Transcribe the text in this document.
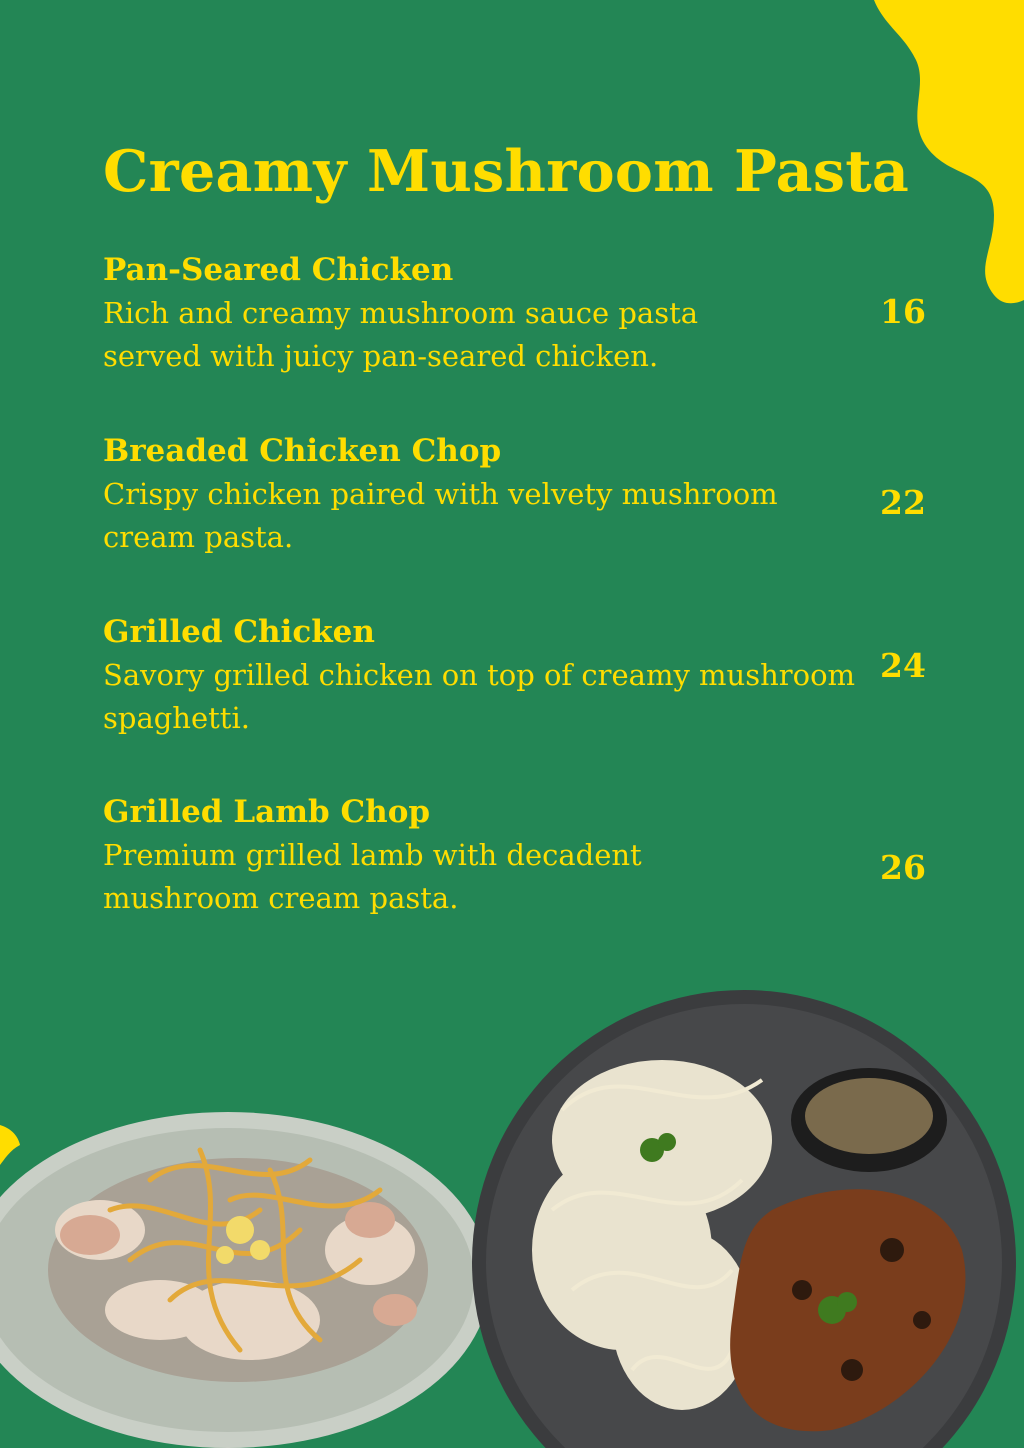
Creamy Mushroom Pasta
Pan-Seared Chicken
Rich and creamy mushroom sauce pasta served with juicy pan-seared chicken.
16
Breaded Chicken Chop
Crispy chicken paired with velvety mushroom cream pasta.
22
Grilled Chicken
Savory grilled chicken on top of creamy mushroom spaghetti.
24
Grilled Lamb Chop
Premium grilled lamb with decadent mushroom cream pasta.
26
